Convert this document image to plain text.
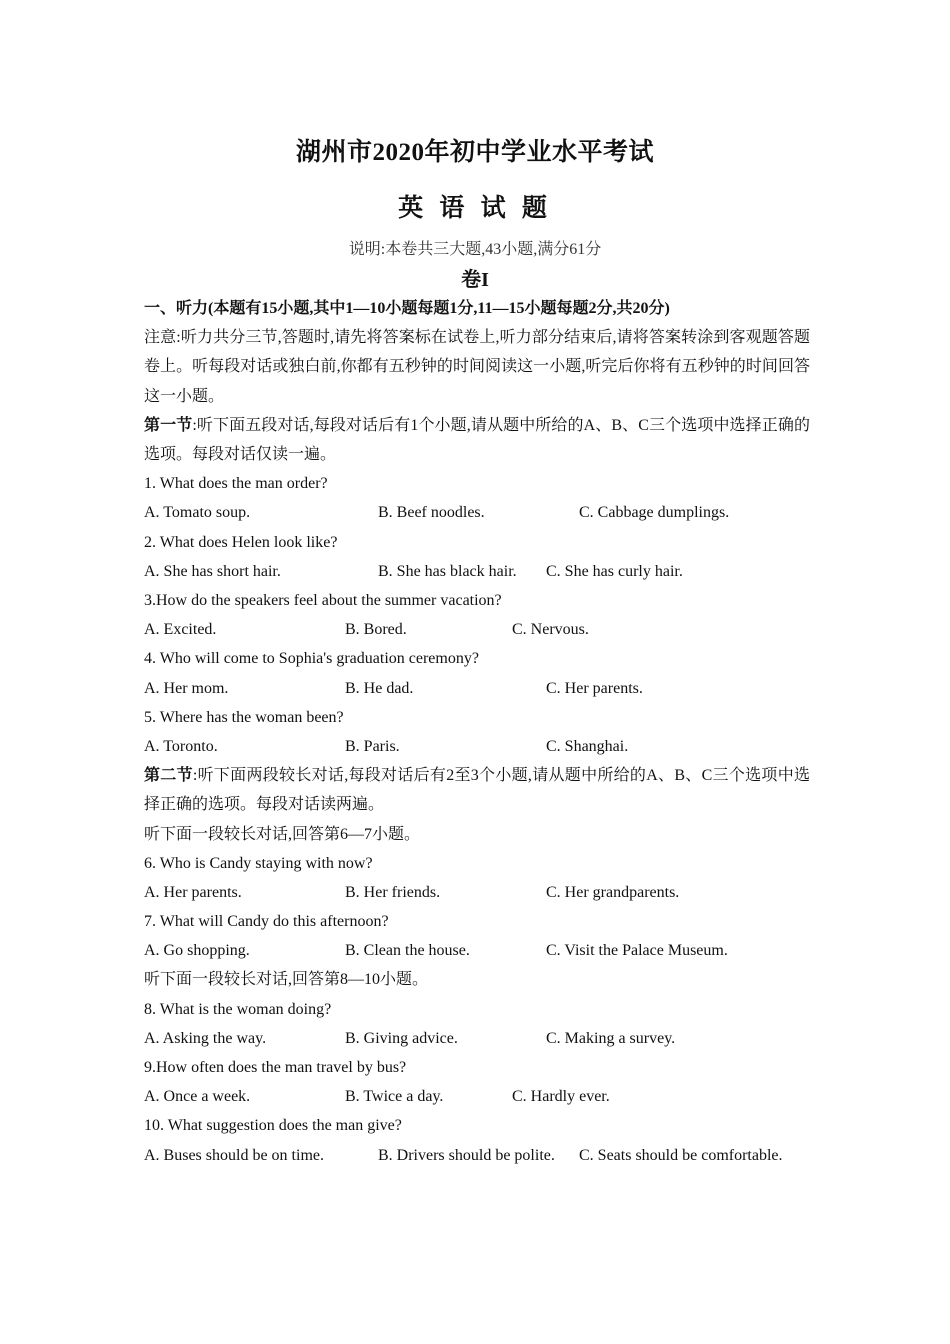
湖州市2020年初中学业水平考试
英 语 试 题
说明:本卷共三大题,43小题,满分61分
卷I
一、听力(本题有15小题,其中1—10小题每题1分,11—15小题每题2分,共20分)
注意:听力共分三节,答题时,请先将答案标在试卷上,听力部分结束后,请将答案转涂到客观题答题卷上。听每段对话或独白前,你都有五秒钟的时间阅读这一小题,听完后你将有五秒钟的时间回答这一小题。
第一节:听下面五段对话,每段对话后有1个小题,请从题中所给的A、B、C三个选项中选择正确的选项。每段对话仅读一遍。
1. What does the man order?
A. Tomato soup.	B. Beef noodles.	C. Cabbage dumplings.
2. What does Helen look like?
A. She has short hair.	B. She has black hair. C. She has curly hair.
3.How do the speakers feel about the summer vacation?
A. Excited.	B. Bored.	C. Nervous.
4. Who will come to Sophia's graduation ceremony?
A. Her mom.	B. He dad.	C. Her parents.
5. Where has the woman been?
A. Toronto.	B. Paris.	C. Shanghai.
第二节:听下面两段较长对话,每段对话后有2至3个小题,请从题中所给的A、B、C三个选项中选择正确的选项。每段对话读两遍。
听下面一段较长对话,回答第6—7小题。
6. Who is Candy staying with now?
A. Her parents.	B. Her friends.	C. Her grandparents.
7. What will Candy do this afternoon?
A. Go shopping.	B. Clean the house.	C. Visit the Palace Museum.
听下面一段较长对话,回答第8—10小题。
8. What is the woman doing?
A. Asking the way.	B. Giving advice.	C. Making a survey.
9.How often does the man travel by bus?
A. Once a week.	B. Twice a day.	C. Hardly ever.
10. What suggestion does the man give?
A. Buses should be on time.	B. Drivers should be polite. C. Seats should be comfortable.
